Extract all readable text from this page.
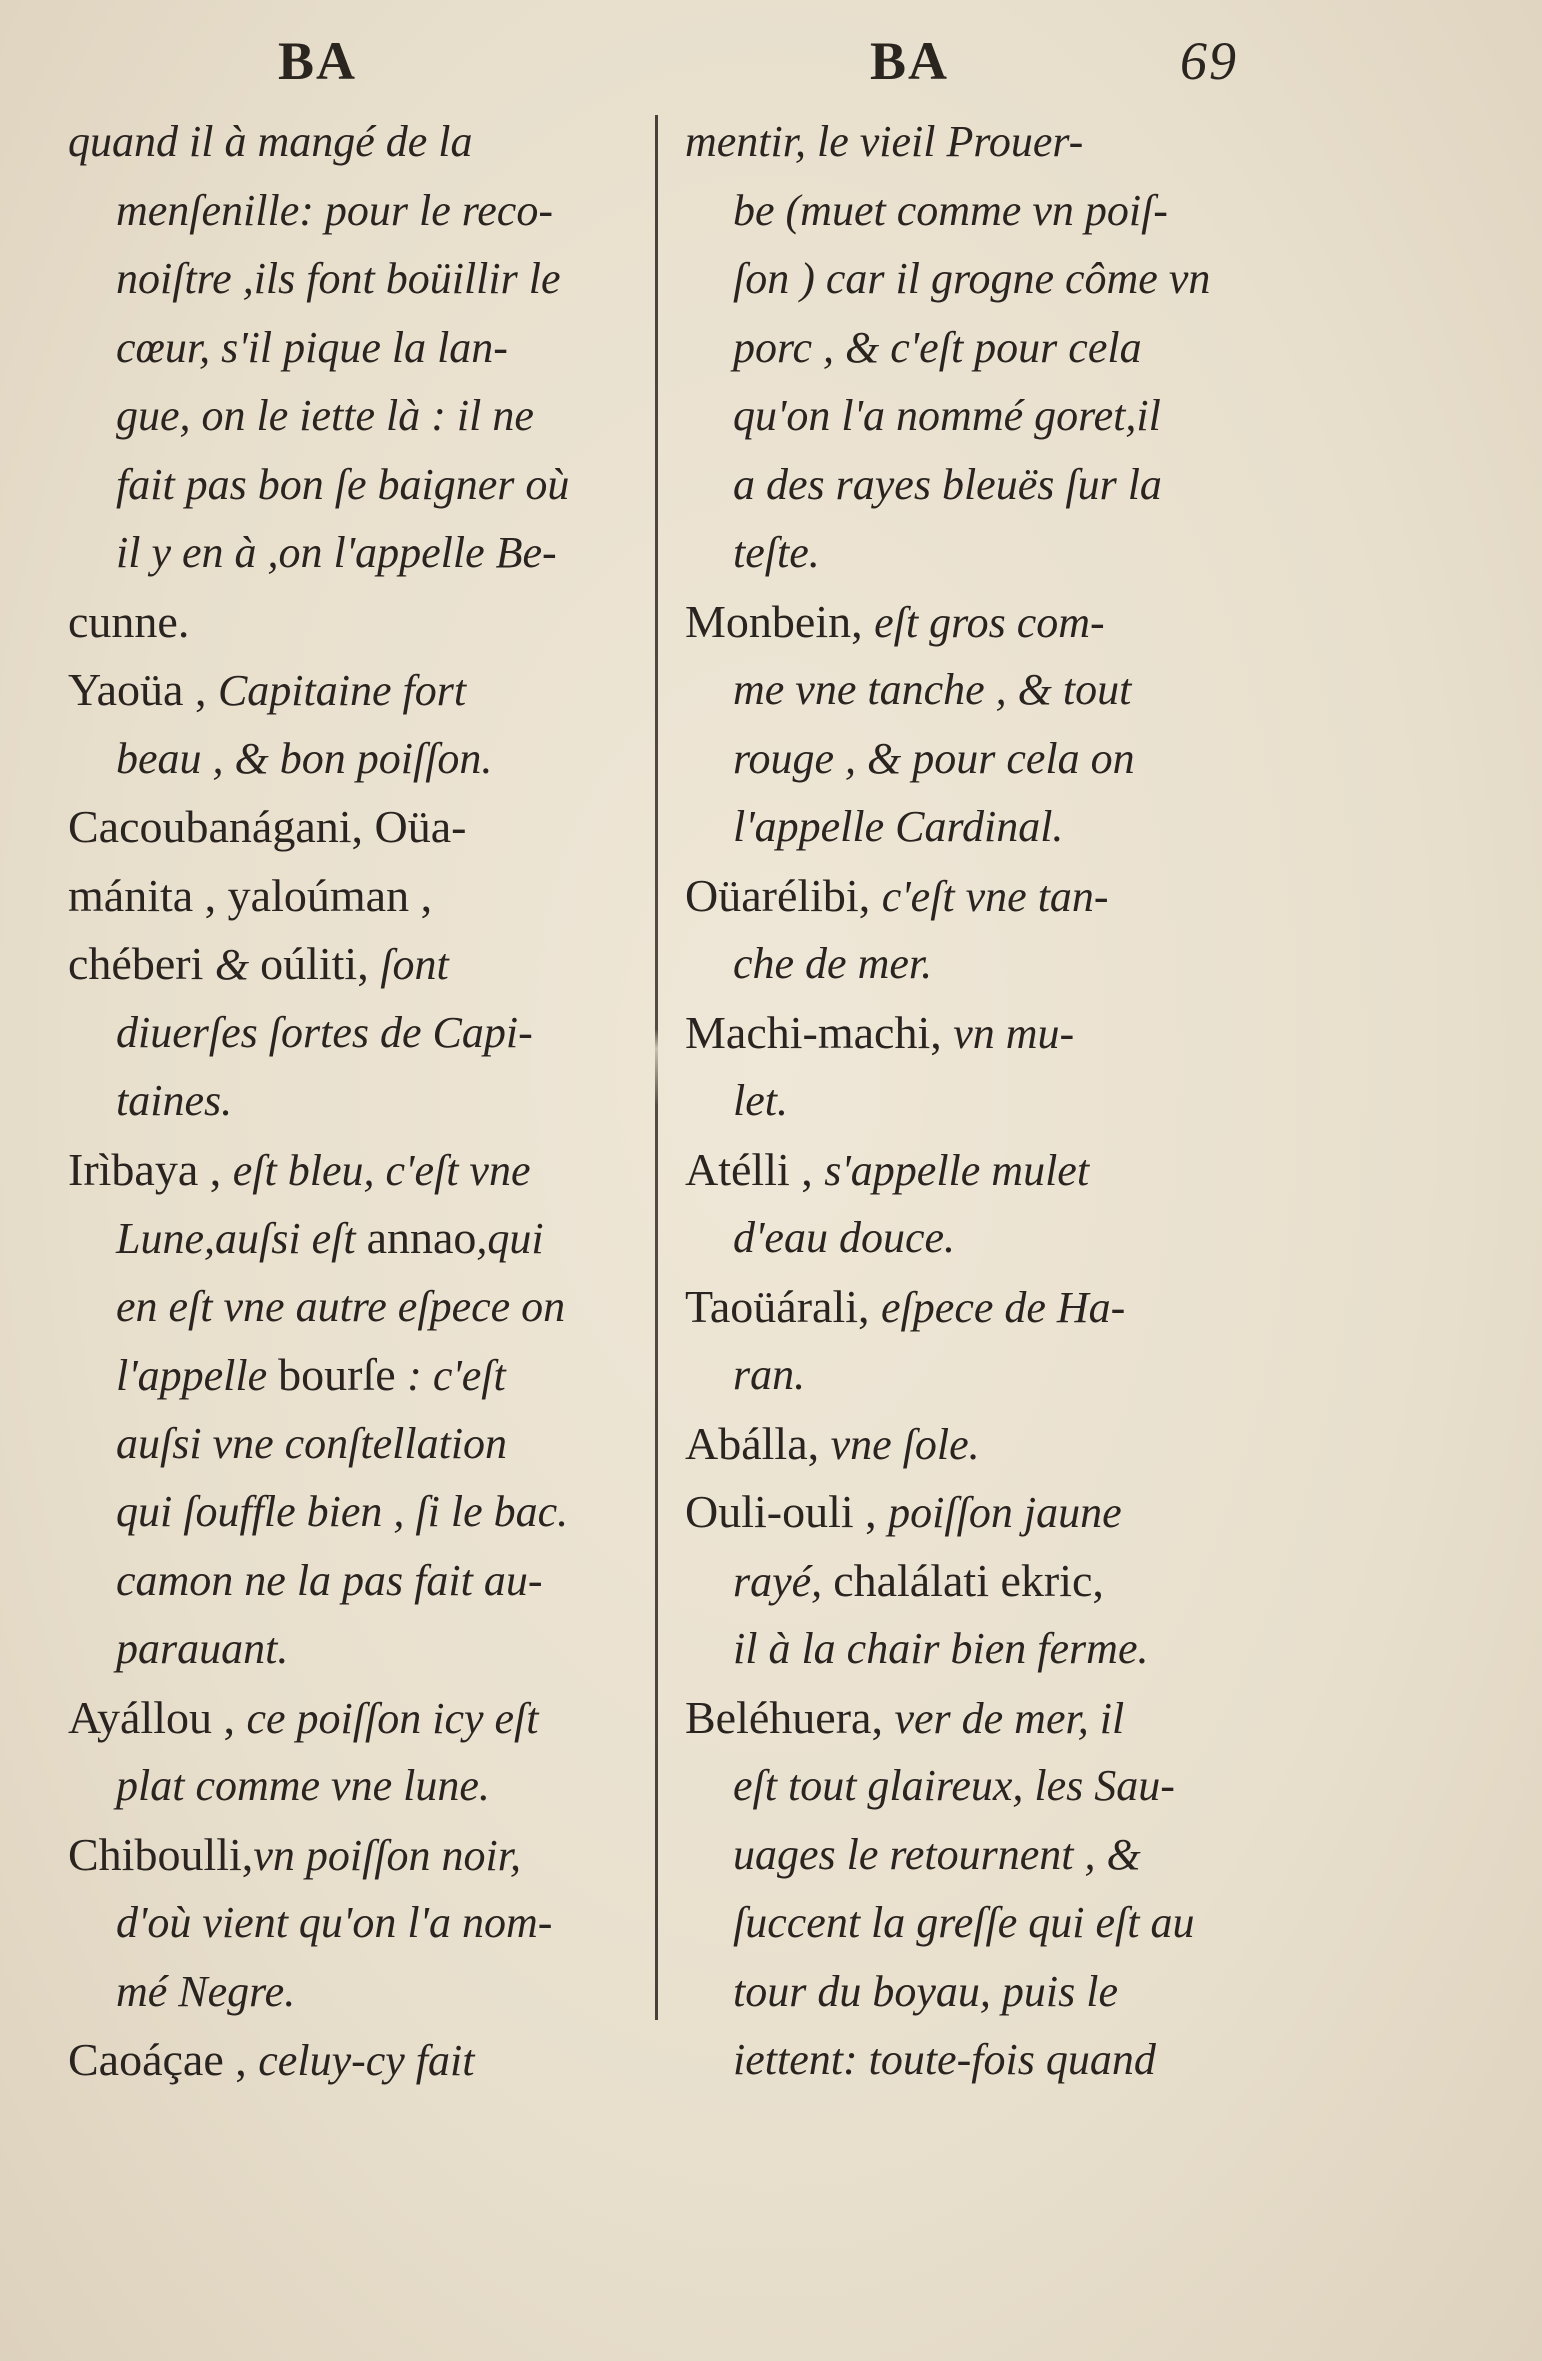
BA	BA	69
quand il à mangé de la
menſenille: pour le reco-
noiſtre ,ils font boüillir le
cœur, s'il pique la lan-
gue, on le iette là : il ne
fait pas bon ſe baigner où
il y en à ,on l'appelle Be-
cunne.
Yaoüa , Capitaine fort
beau , & bon poiſſon.
Cacoubanágani, Oüa-
mánita , yaloúman ,
chéberi & oúliti, ſont
diuerſes ſortes de Capi-
taines.
Irìbaya , eſt bleu, c'eſt vne
Lune,auſsi eſt annao,qui
en eſt vne autre eſpece on
l'appelle bourſe : c'eſt
auſsi vne conſtellation
qui ſouffle bien , ſi le bac.
camon ne la pas fait au-
parauant.
Ayállou , ce poiſſon icy eſt
plat comme vne lune.
Chiboulli,vn poiſſon noir,
d'où vient qu'on l'a nom-
mé Negre.
Caoáçae , celuy-cy fait
mentir, le vieil Prouer-
be (muet comme vn poiſ-
ſon ) car il grogne côme vn
porc , & c'eſt pour cela
qu'on l'a nommé goret,il
a des rayes bleuës ſur la
teſte.
Monbein, eſt gros com-
me vne tanche , & tout
rouge , & pour cela on
l'appelle Cardinal.
Oüarélibi, c'eſt vne tan-
che de mer.
Machi-machi, vn mu-
let.
Atélli , s'appelle mulet
d'eau douce.
Taoüárali, eſpece de Ha-
ran.
Abálla, vne ſole.
Ouli-ouli , poiſſon jaune
rayé, chalálati ekric,
il à la chair bien ferme.
Beléhuera, ver de mer, il
eſt tout glaireux, les Sau-
uages le retournent , &
ſuccent la greſſe qui eſt au
tour du boyau, puis le
iettent: toute-fois quand
